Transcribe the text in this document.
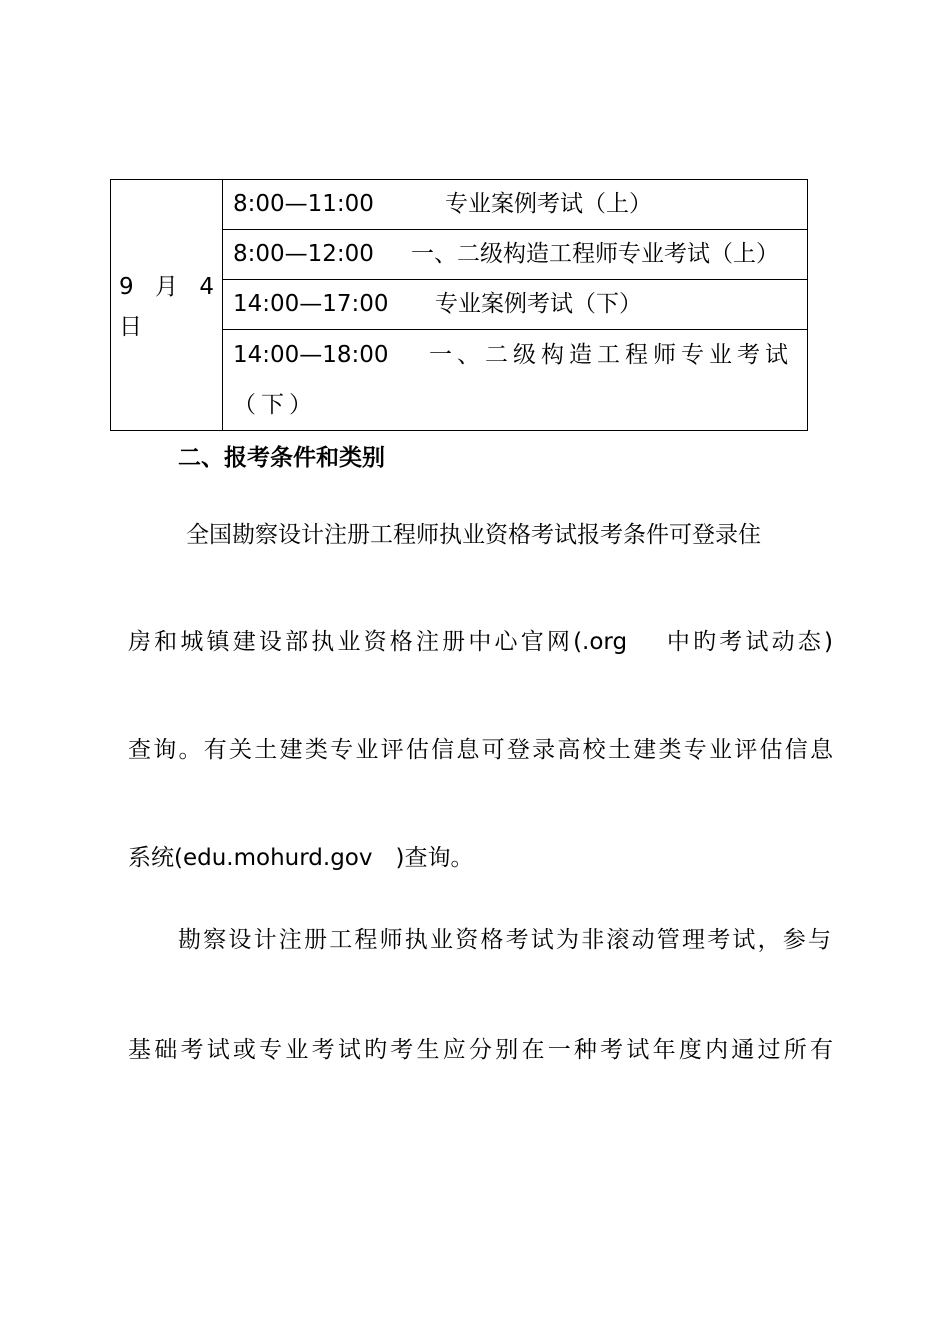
9 月 4
日

8:00—11:00	专业案例考试（上）

8:00—12:00 一、二级构造工程师专业考试（上）

14:00—17:00 专业案例考试（下）

14:00—18:00 一、二级构造工程师专业考试（下）
二、报考条件和类别
全国勘察设计注册工程师执业资格考试报考条件可登录住
房和城镇建设部执业资格注册中心官网(.org　 中旳考试动态)
查询。有关土建类专业评估信息可登录高校土建类专业评估信息
系统(edu.mohurd.gov　)查询。
勘察设计注册工程师执业资格考试为非滚动管理考试，参与
基础考试或专业考试旳考生应分别在一种考试年度内通过所有
